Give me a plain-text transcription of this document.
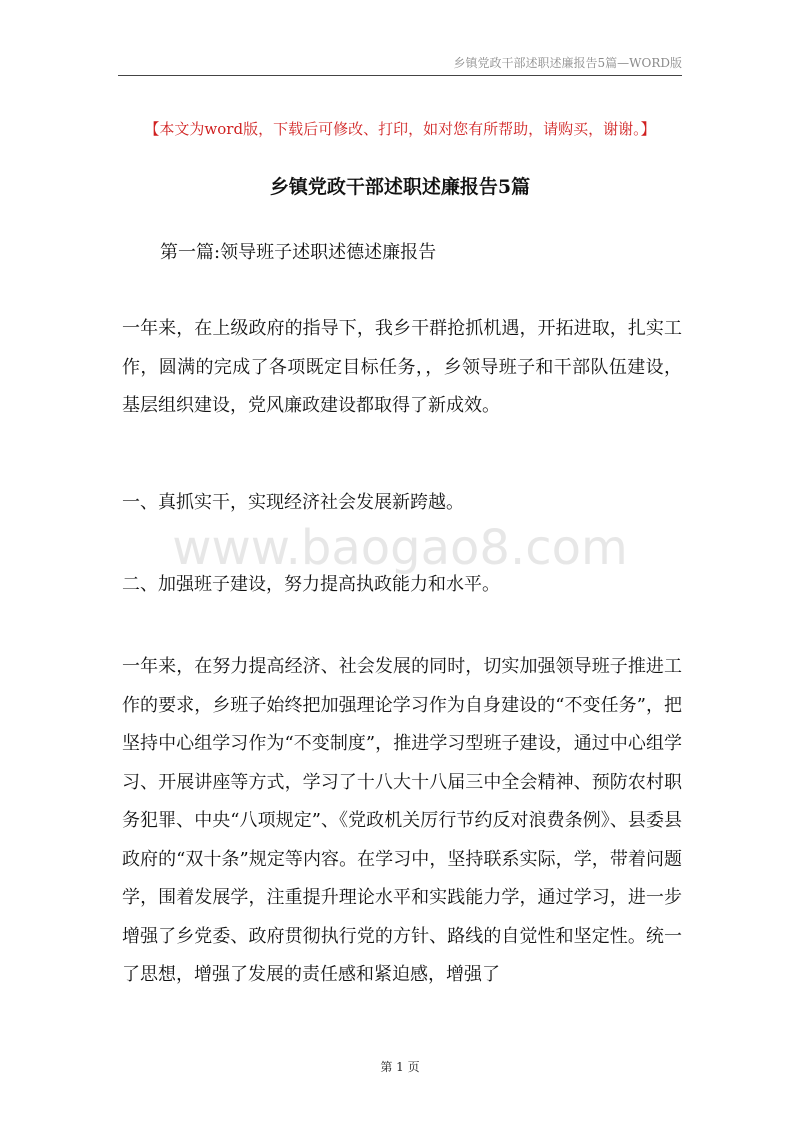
乡镇党政干部述职述廉报告5篇—WORD版
【本文为word版，下载后可修改、打印，如对您有所帮助，请购买，谢谢。】
乡镇党政干部述职述廉报告5篇
第一篇:领导班子述职述德述廉报告

一年来，在上级政府的指导下，我乡干群抢抓机遇，开拓进取，扎实工作，圆满的完成了各项既定目标任务，，乡领导班子和干部队伍建设，基层组织建设，党风廉政建设都取得了新成效。

一、真抓实干，实现经济社会发展新跨越。

二、加强班子建设，努力提高执政能力和水平。

一年来，在努力提高经济、社会发展的同时，切实加强领导班子推进工作的要求，乡班子始终把加强理论学习作为自身建设的“不变任务”，把坚持中心组学习作为“不变制度”，推进学习型班子建设，通过中心组学习、开展讲座等方式，学习了十八大十八届三中全会精神、预防农村职务犯罪、中央“八项规定”、《党政机关厉行节约反对浪费条例》、县委县政府的“双十条”规定等内容。在学习中，坚持联系实际，学，带着问题学，围着发展学，注重提升理论水平和实践能力学，通过学习，进一步增强了乡党委、政府贯彻执行党的方针、路线的自觉性和坚定性。统一了思想，增强了发展的责任感和紧迫感，增强了

www.baogao8.com
第 1 页
